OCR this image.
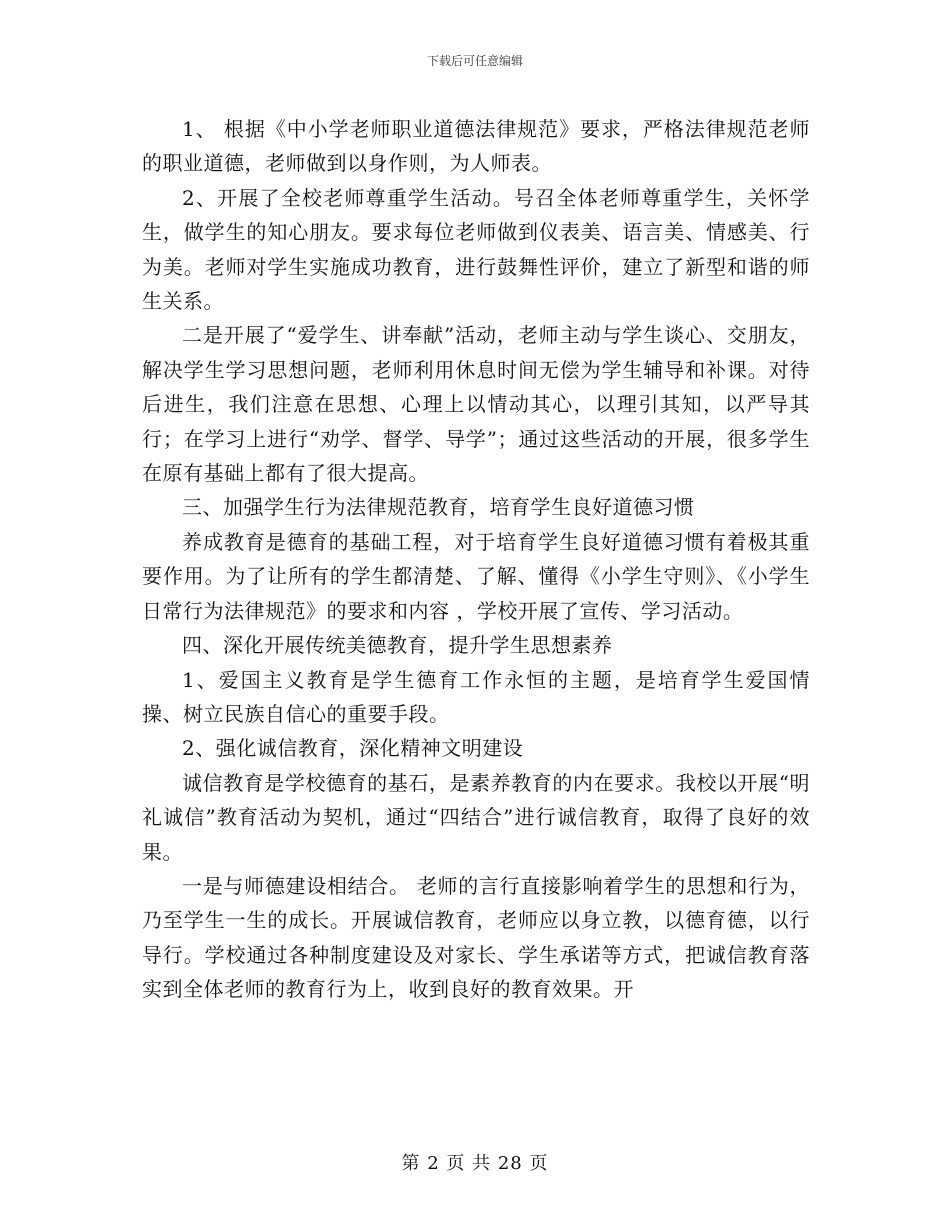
下载后可任意编辑

1、 根据《中小学老师职业道德法律规范》要求，严格法律规范老师的职业道德，老师做到以身作则，为人师表。

2、开展了全校老师尊重学生活动。号召全体老师尊重学生，关怀学生，做学生的知心朋友。要求每位老师做到仪表美、语言美、情感美、行为美。老师对学生实施成功教育，进行鼓舞性评价，建立了新型和谐的师生关系。

二是开展了“爱学生、讲奉献”活动，老师主动与学生谈心、交朋友，解决学生学习思想问题，老师利用休息时间无偿为学生辅导和补课。对待后进生，我们注意在思想、心理上以情动其心，以理引其知，以严导其行；在学习上进行“劝学、督学、导学”；通过这些活动的开展，很多学生在原有基础上都有了很大提高。

三、加强学生行为法律规范教育，培育学生良好道德习惯

养成教育是德育的基础工程，对于培育学生良好道德习惯有着极其重要作用。为了让所有的学生都清楚、了解、懂得《小学生守则》、《小学生日常行为法律规范》的要求和内容 ，学校开展了宣传、学习活动。

四、深化开展传统美德教育，提升学生思想素养

1、爱国主义教育是学生德育工作永恒的主题，是培育学生爱国情操、树立民族自信心的重要手段。

2、强化诚信教育，深化精神文明建设

诚信教育是学校德育的基石，是素养教育的内在要求。我校以开展“明礼诚信”教育活动为契机，通过“四结合”进行诚信教育，取得了良好的效果。

一是与师德建设相结合。 老师的言行直接影响着学生的思想和行为，乃至学生一生的成长。开展诚信教育，老师应以身立教，以德育德，以行导行。学校通过各种制度建设及对家长、学生承诺等方式，把诚信教育落实到全体老师的教育行为上，收到良好的教育效果。开

第 2 页 共 28 页
